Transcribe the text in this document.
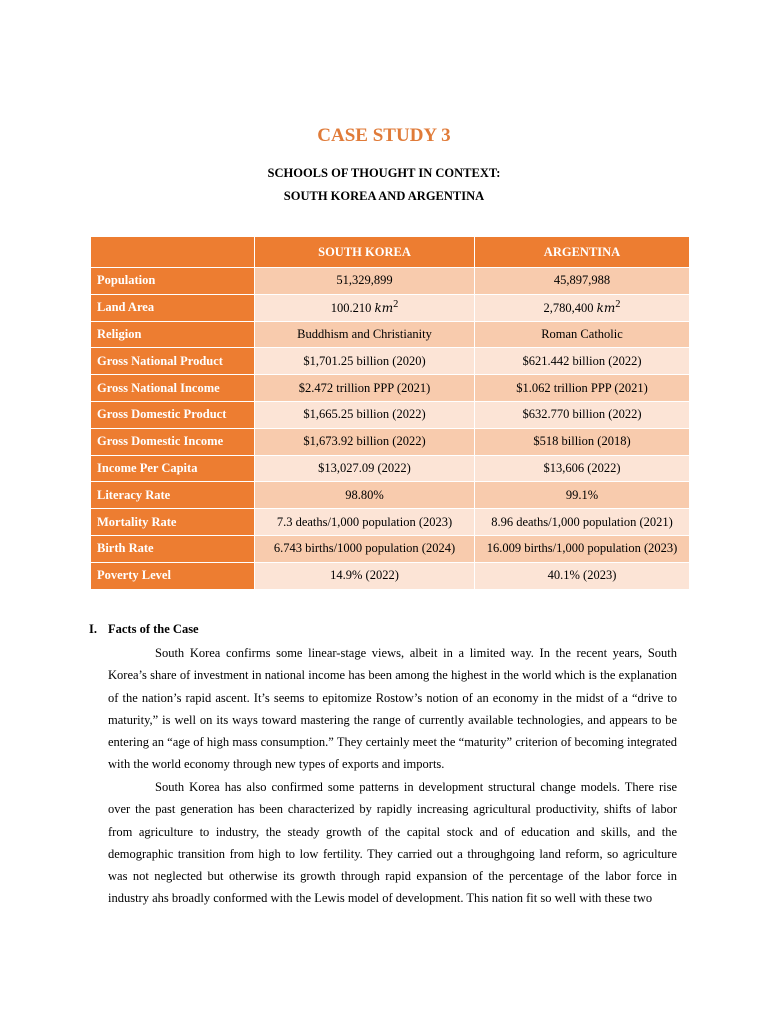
CASE STUDY 3
SCHOOLS OF THOUGHT IN CONTEXT:
SOUTH KOREA AND ARGENTINA
	SOUTH KOREA	ARGENTINA
Population	51,329,899	45,897,988
Land Area	100.210 $km^2$	2,780,400 $km^2$
Religion	Buddhism and Christianity	Roman Catholic
Gross National Product	$1,701.25 billion (2020)	$621.442 billion (2022)
Gross National Income	$2.472 trillion PPP (2021)	$1.062 trillion PPP (2021)
Gross Domestic Product	$1,665.25 billion (2022)	$632.770 billion (2022)
Gross Domestic Income	$1,673.92 billion (2022)	$518 billion (2018)
Income Per Capita	$13,027.09 (2022)	$13,606 (2022)
Literacy Rate	98.80%	99.1%
Mortality Rate	7.3 deaths/1,000 population (2023)	8.96 deaths/1,000 population (2021)
Birth Rate	6.743 births/1000 population (2024)	16.009 births/1,000 population (2023)
Poverty Level	14.9% (2022)	40.1% (2023)
I. Facts of the Case

South Korea confirms some linear-stage views, albeit in a limited way. In the recent years, South Korea’s share of investment in national income has been among the highest in the world which is the explanation of the nation’s rapid ascent. It’s seems to epitomize Rostow’s notion of an economy in the midst of a “drive to maturity,” is well on its ways toward mastering the range of currently available technologies, and appears to be entering an “age of high mass consumption.” They certainly meet the “maturity” criterion of becoming integrated with the world economy through new types of exports and imports.

South Korea has also confirmed some patterns in development structural change models. There rise over the past generation has been characterized by rapidly increasing agricultural productivity, shifts of labor from agriculture to industry, the steady growth of the capital stock and of education and skills, and the demographic transition from high to low fertility. They carried out a throughgoing land reform, so agriculture was not neglected but otherwise its growth through rapid expansion of the percentage of the labor force in industry ahs broadly conformed with the Lewis model of development. This nation fit so well with these two
